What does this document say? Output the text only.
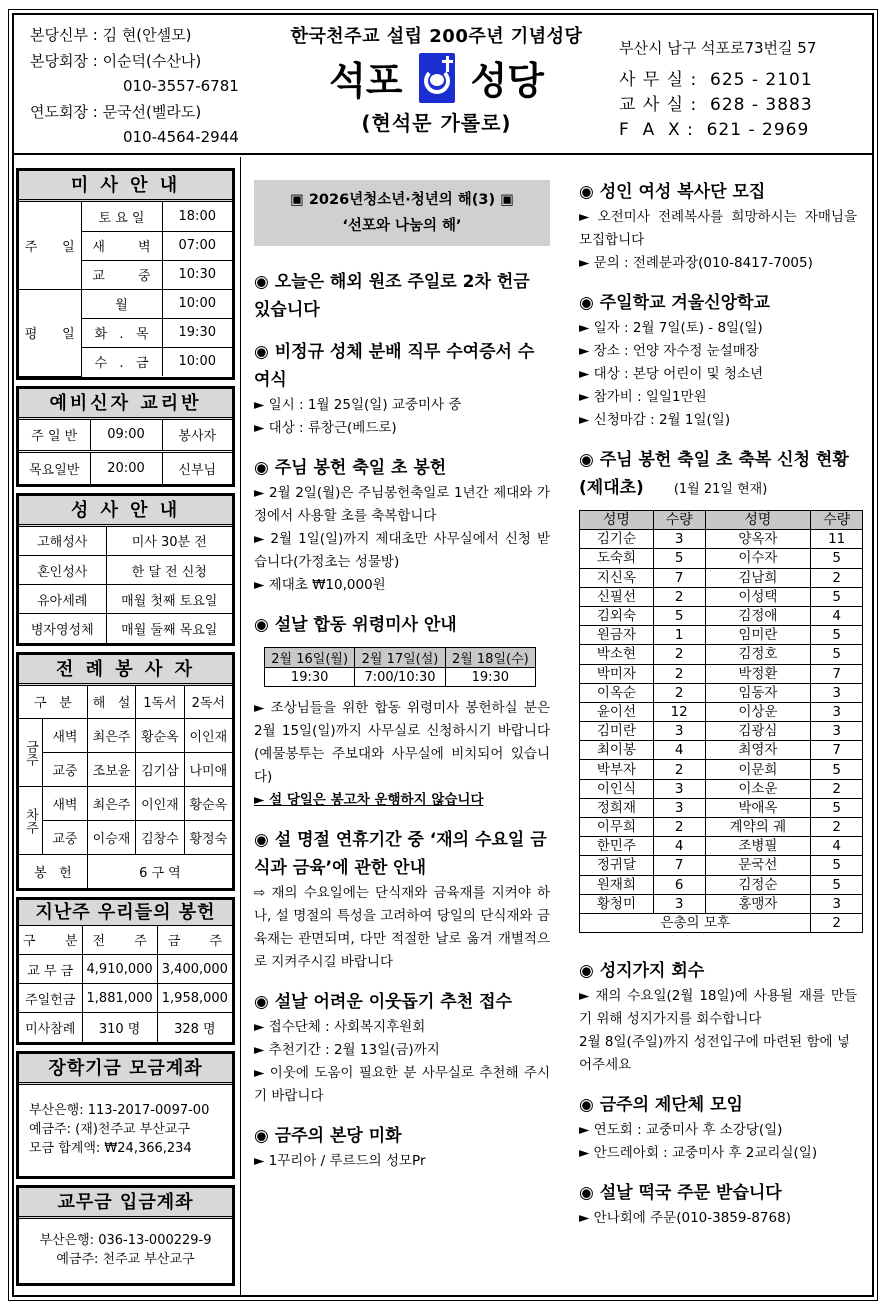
본당신부 : 김 현(안셀모)
본당회장 : 이순덕(수산나)
010-3557-6781
연도회장 : 문국선(벨라도)
010-4564-2944
한국천주교 설립 200주년 기념성당
석포 성당
(현석문 가롤로)
부산시 남구 석포로73번길 57
사 무 실 :  625 - 2101
교 사 실 :  628 - 3883
F  A  X :  621 - 2969
미 사 안 내
주      일	토 요 일	18:00
	새        벽	07:00
	교        중	10:30
평      일	월	10:00
	화   .   목	19:30
	수   .   금	10:00
예비신자 교리반
주 일 반	09:00	봉사자
목요일반	20:00	신부님
성 사 안 내
고해성사	미사 30분 전
혼인성사	한 달 전 신청
유아세례	매월 첫째 토요일
병자영성체	매월 둘째 목요일
전 례 봉 사 자
구   분		해   설	1독서	2독서
금주	새벽	최은주	황순옥	이인재
	교중	조보윤	김기삼	나미애
차주	새벽	최은주	이인재	황순옥
	교중	이승재	김창수	황정숙
봉   헌		6 구 역		
지난주 우리들의 봉헌
구 분	전 주	금 주

교 무 금	4,910,000	3,400,000
주일헌금	1,881,000	1,958,000
미사참례	310 명	328 명
장학기금 모금계좌
부산은행: 113-2017-0097-00
예금주: (재)천주교 부산교구
모금 합계액: ₩24,366,234
교무금 입금계좌
부산은행: 036-13-000229-9
예금주: 천주교 부산교구
▣ 2026년청소년·청년의 해(3) ▣
‘선포와 나눔의 해’
◉ 오늘은 해외 원조 주일로 2차 헌금 있습니다
◉ 비정규 성체 분배 직무 수여증서 수여식
► 일시 : 1월 25일(일) 교중미사 중
► 대상 : 류창근(베드로)
◉ 주님 봉헌 축일 초 봉헌
► 2월 2일(월)은 주님봉헌축일로 1년간 제대와 가정에서 사용할 초를 축복합니다
► 2월 1일(일)까지 제대초만 사무실에서 신청 받습니다(가정초는 성물방)
► 제대초 ₩10,000원
◉ 설날 합동 위령미사 안내
2월 16일(월)	2월 17일(설)	2월 18일(수)
19:30	7:00/10:30	19:30
► 조상님들을 위한 합동 위령미사 봉헌하실 분은 2월 15일(일)까지 사무실로 신청하시기 바랍니다(예물봉투는 주보대와 사무실에 비치되어 있습니다)
► 설 당일은 봉고차 운행하지 않습니다
◉ 설 명절 연휴기간 중 ‘재의 수요일 금식과 금육’에 관한 안내
⇨ 재의 수요일에는 단식재와 금육재를 지켜야 하나, 설 명절의 특성을 고려하여 당일의 단식재와 금육재는 관면되며, 다만 적절한 날로 옮겨 개별적으로 지켜주시길 바랍니다
◉ 설날 어려운 이웃돕기 추천 접수
► 접수단체 : 사회복지후원회
► 추천기간 : 2월 13일(금)까지
► 이웃에 도움이 필요한 분 사무실로 추천해 주시기 바랍니다
◉ 금주의 본당 미화
► 1꾸리아 / 루르드의 성모Pr
◉ 성인 여성 복사단 모집
► 오전미사 전례복사를 희망하시는 자매님을 모집합니다
► 문의 : 전례분과장(010-8417-7005)
◉ 주일학교 겨울신앙학교
► 일자 : 2월 7일(토) - 8일(일)
► 장소 : 언양 자수정 눈설매장
► 대상 : 본당 어린이 및 청소년
► 참가비 : 일일1만원
► 신청마감 : 2월 1일(일)
◉ 주님 봉헌 축일 초 축복 신청 현황(제대초) (1월 21일 현재)
성명	수량	성명	수량
김기순	3	양옥자	11
도숙희	5	이수자	5
지신옥	7	김남희	2
신필선	2	이성택	5
김외숙	5	김정애	4
원금자	1	임미란	5
박소현	2	김정호	5
박미자	2	박정환	7
이옥순	2	임동자	3
윤이선	12	이상운	3
김미란	3	김광심	3
최이봉	4	최영자	7
박부자	2	이문희	5
이인식	3	이소운	2
정희재	3	박애옥	5
이무희	2	계약의 궤	2
한민주	4	조병필	4
정귀달	7	문국선	5
원재희	6	김정순	5
황청미	3	홍맹자	3
은총의 모후			2
◉ 성지가지 회수
► 재의 수요일(2월 18일)에 사용될 재를 만들기 위해 성지가지를 회수합니다
2월 8일(주일)까지 성전입구에 마련된 함에 넣어주세요
◉ 금주의 제단체 모임
► 연도회 : 교중미사 후 소강당(일)
► 안드레아회 : 교중미사 후 2교리실(일)
◉ 설날 떡국 주문 받습니다
► 안나회에 주문(010-3859-8768)
